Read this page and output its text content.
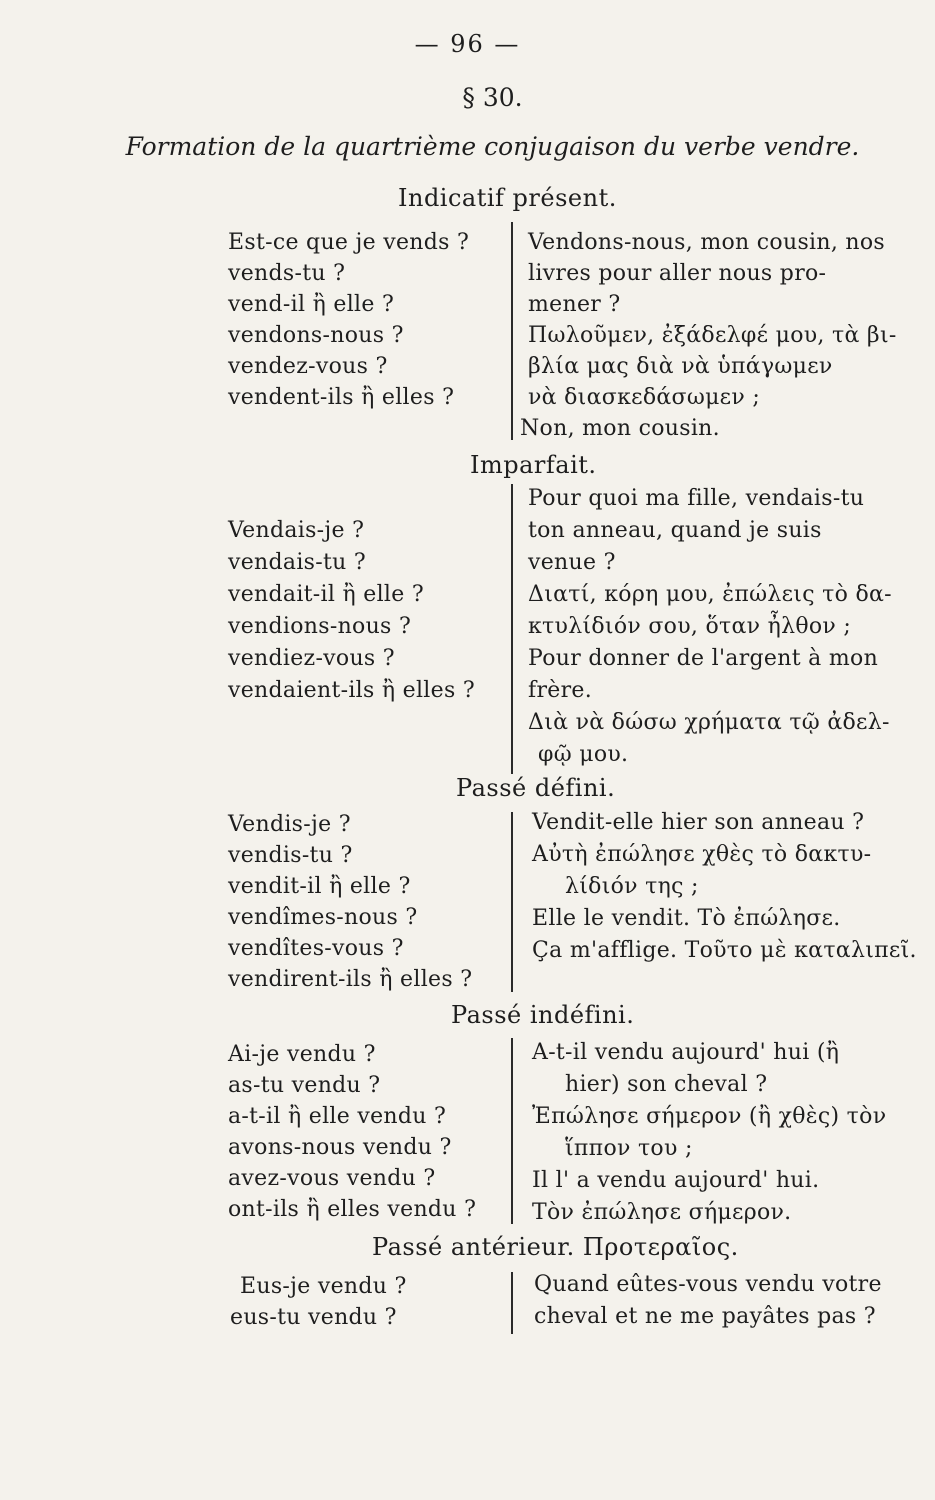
— 96 —
§ 30.
Formation de la quartrième conjugaison du verbe vendre.
Indicatif présent.
Est-ce que je vends ?
vends-tu ?
vend-il ἢ elle ?
vendons-nous ?
vendez-vous ?
vendent-ils ἢ elles ?
Vendons-nous, mon cousin, nos
livres pour aller nous pro-
mener ?
Πωλοῦμεν, ἐξάδελφέ μου, τὰ βι-
βλία μας διὰ νὰ ὑπάγωμεν
νὰ διασκεδάσωμεν ;
Non, mon cousin.
Imparfait.
Pour quoi ma fille, vendais-tu
ton anneau, quand je suis
venue ?
Διατί, κόρη μου, ἐπώλεις τὸ δα-
κτυλίδιόν σου, ὅταν ἦλθον ;
Pour donner de l'argent à mon
frère.
Διὰ νὰ δώσω χρήματα τῷ ἀδελ-
φῷ μου.
Vendais-je ?
vendais-tu ?
vendait-il ἢ elle ?
vendions-nous ?
vendiez-vous ?
vendaient-ils ἢ elles ?
Passé défini.
Vendis-je ?
vendis-tu ?
vendit-il ἢ elle ?
vendîmes-nous ?
vendîtes-vous ?
vendirent-ils ἢ elles ?
Vendit-elle hier son anneau ?
Αὐτὴ ἐπώλησε χθὲς τὸ δακτυ-
λίδιόν της ;
Elle le vendit. Τὸ ἐπώλησε.
Ça m'afflige. Τοῦτο μὲ καταλιπεῖ.
Passé indéfini.
Ai-je vendu ?
as-tu vendu ?
a-t-il ἢ elle vendu ?
avons-nous vendu ?
avez-vous vendu ?
ont-ils ἢ elles vendu ?
A-t-il vendu aujourd' hui (ἢ
hier) son cheval ?
Ἐπώλησε σήμερον (ἢ χθὲς) τὸν
ἵππον του ;
Il l' a vendu aujourd' hui.
Τὸν ἐπώλησε σήμερον.
Passé antérieur. Προτεραῖος.
Eus-je vendu ?
eus-tu vendu ?
Quand eûtes-vous vendu votre
cheval et ne me payâtes pas ?
